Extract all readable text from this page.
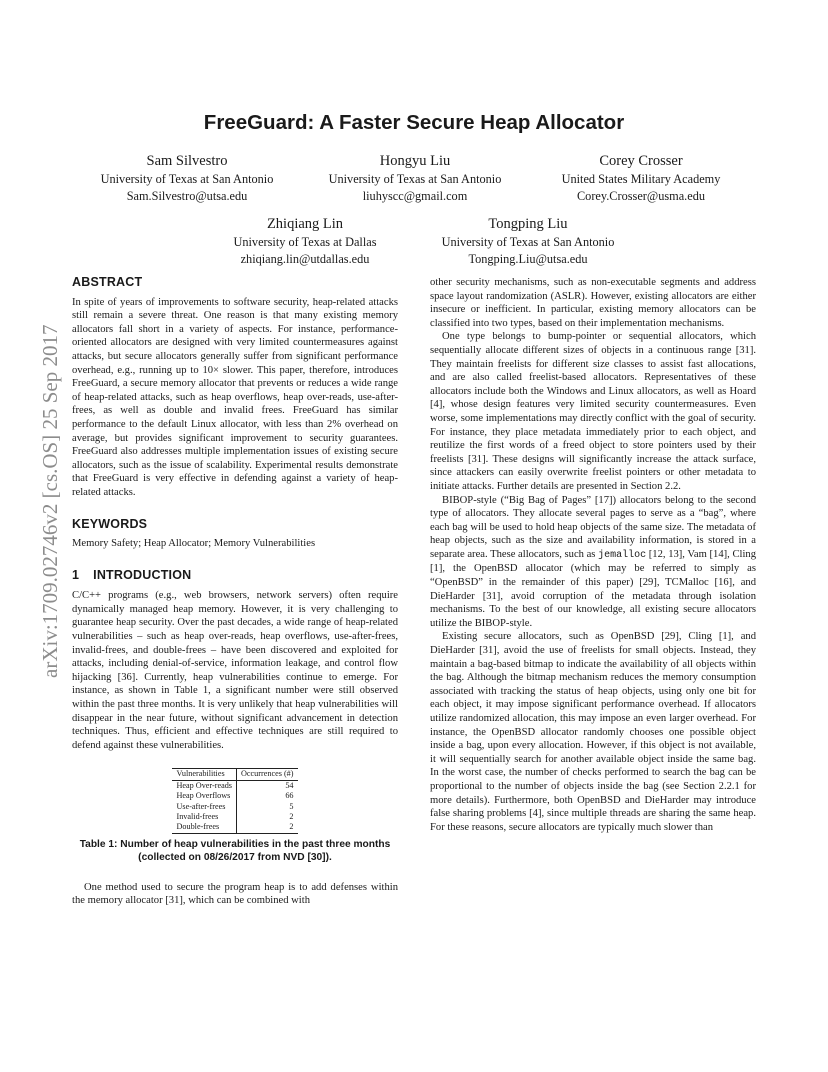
arXiv:1709.02746v2 [cs.OS] 25 Sep 2017
FreeGuard: A Faster Secure Heap Allocator
Sam Silvestro
University of Texas at San Antonio
Sam.Silvestro@utsa.edu
Hongyu Liu
University of Texas at San Antonio
liuhyscc@gmail.com
Corey Crosser
United States Military Academy
Corey.Crosser@usma.edu
Zhiqiang Lin
University of Texas at Dallas
zhiqiang.lin@utdallas.edu
Tongping Liu
University of Texas at San Antonio
Tongping.Liu@utsa.edu
ABSTRACT

In spite of years of improvements to software security, heap-related attacks still remain a severe threat. One reason is that many existing memory allocators fall short in a variety of aspects. For instance, performance-oriented allocators are designed with very limited countermeasures against attacks, but secure allocators generally suffer from significant performance overhead, e.g., running up to 10× slower. This paper, therefore, introduces FreeGuard, a secure memory allocator that prevents or reduces a wide range of heap-related attacks, such as heap overflows, heap over-reads, use-after-frees, as well as double and invalid frees. FreeGuard has similar performance to the default Linux allocator, with less than 2% overhead on average, but provides significant improvement to security guarantees. FreeGuard also addresses multiple implementation issues of existing secure allocators, such as the issue of scalability. Experimental results demonstrate that FreeGuard is very effective in defending against a variety of heap-related attacks.

KEYWORDS

Memory Safety; Heap Allocator; Memory Vulnerabilities

1 INTRODUCTION

C/C++ programs (e.g., web browsers, network servers) often require dynamically managed heap memory. However, it is very challenging to guarantee heap security. Over the past decades, a wide range of heap-related vulnerabilities – such as heap over-reads, heap overflows, use-after-frees, invalid-frees, and double-frees – have been discovered and exploited for attacks, including denial-of-service, information leakage, and control flow hijacking [36]. Currently, heap vulnerabilities continue to emerge. For instance, as shown in Table 1, a significant number were still observed within the past three months. It is very unlikely that heap vulnerabilities will disappear in the near future, without significant advancement in detection techniques. Thus, efficient and effective techniques are still required to defend against these vulnerabilities.

Vulnerabilities	Occurrences (#)
Heap Over-reads	54
Heap Overflows	66
Use-after-frees	5
Invalid-frees	2
Double-frees	2
Table 1: Number of heap vulnerabilities in the past three months (collected on 08/26/2017 from NVD [30]).

One method used to secure the program heap is to add defenses within the memory allocator [31], which can be combined with

other security mechanisms, such as non-executable segments and address space layout randomization (ASLR). However, existing allocators are either insecure or inefficient. In particular, existing memory allocators can be classified into two types, based on their implementation mechanisms.

One type belongs to bump-pointer or sequential allocators, which sequentially allocate different sizes of objects in a continuous range [31]. They maintain freelists for different size classes to assist fast allocations, and are also called freelist-based allocators. Representatives of these allocators include both the Windows and Linux allocators, as well as Hoard [4], whose design features very limited security countermeasures. Even worse, some implementations may directly conflict with the goal of security. For instance, they place metadata immediately prior to each object, and reutilize the first words of a freed object to store pointers used by their freelists [31]. These designs will significantly increase the attack surface, since attackers can easily overwrite freelist pointers or other metadata to initiate attacks. Further details are presented in Section 2.2.

BIBOP-style (“Big Bag of Pages” [17]) allocators belong to the second type of allocators. They allocate several pages to serve as a “bag”, where each bag will be used to hold heap objects of the same size. The metadata of heap objects, such as the size and availability information, is stored in a separate area. These allocators, such as jemalloc [12, 13], Vam [14], Cling [1], the OpenBSD allocator (which may be referred to simply as “OpenBSD” in the remainder of this paper) [29], TCMalloc [16], and DieHarder [31], avoid corruption of the metadata through isolation mechanisms. To the best of our knowledge, all existing secure allocators utilize the BIBOP-style.

Existing secure allocators, such as OpenBSD [29], Cling [1], and DieHarder [31], avoid the use of freelists for small objects. Instead, they maintain a bag-based bitmap to indicate the availability of all objects within the bag. Although the bitmap mechanism reduces the memory consumption associated with tracking the status of heap objects, using only one bit for each object, it may impose significant performance overhead. If allocators utilize randomized allocation, this may impose an even larger overhead. For instance, the OpenBSD allocator randomly chooses one possible object inside a bag, upon every allocation. However, if this object is not available, it will sequentially search for another available object inside the same bag. In the worst case, the number of checks performed to search the bag can be proportional to the number of objects inside the bag (see Section 2.2.1 for more details). Furthermore, both OpenBSD and DieHarder may introduce false sharing problems [4], since multiple threads are sharing the same heap. For these reasons, secure allocators are typically much slower than
